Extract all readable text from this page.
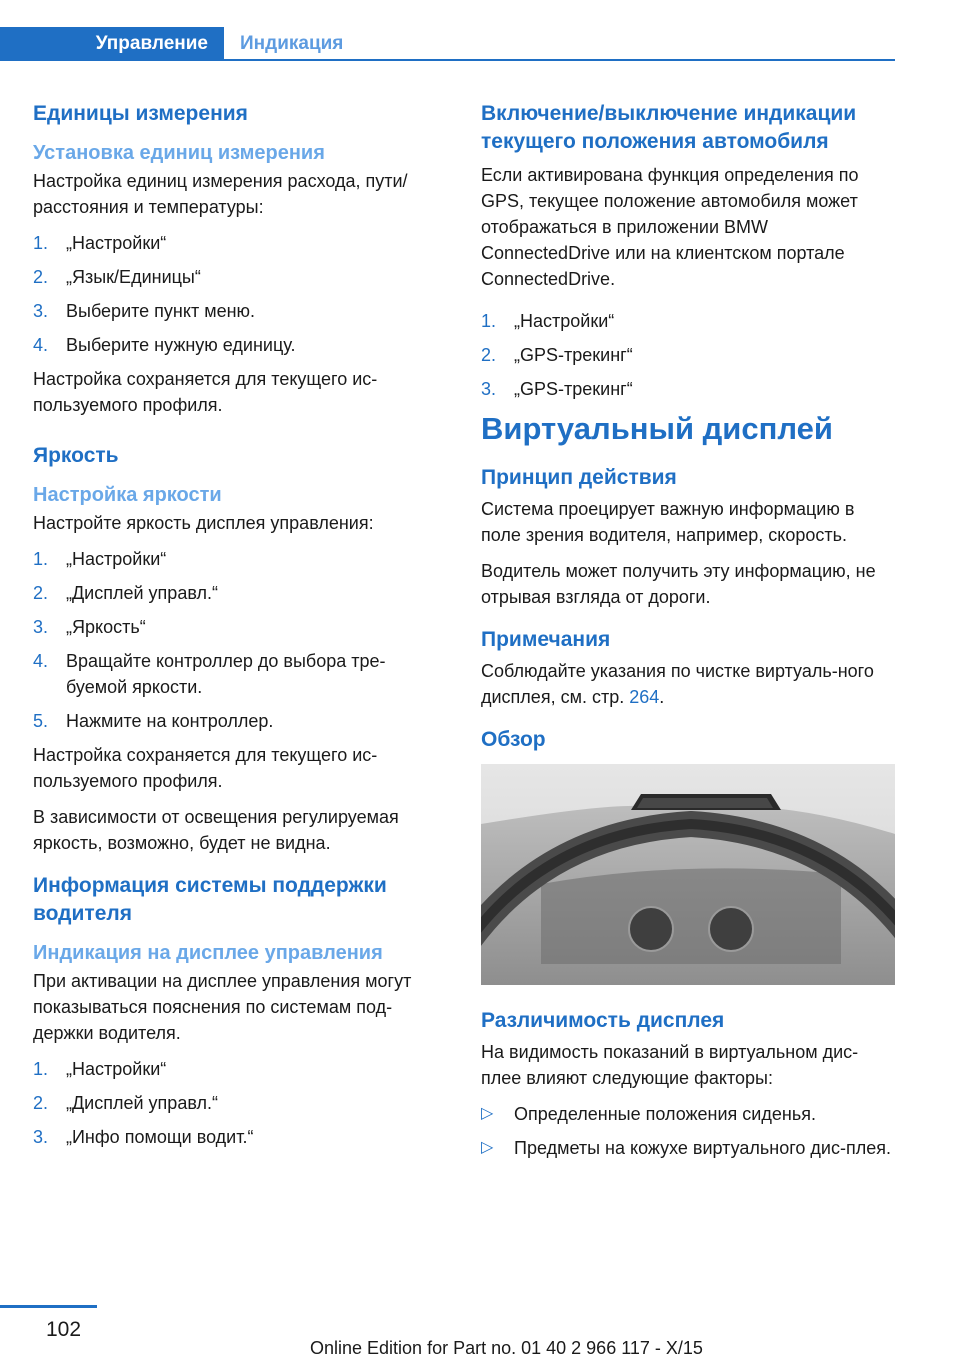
Управление	Индикация
Единицы измерения
Установка единиц измерения
Настройка единиц измерения расхода, пути/расстояния и температуры:
1. „Настройки“
2. „Язык/Единицы“
3. Выберите пункт меню.
4. Выберите нужную единицу.
Настройка сохраняется для текущего ис-пользуемого профиля.
Яркость
Настройка яркости
Настройте яркость дисплея управления:
1. „Настройки“
2. „Дисплей управл.“
3. „Яркость“
4. Вращайте контроллер до выбора тре-буемой яркости.
5. Нажмите на контроллер.
Настройка сохраняется для текущего ис-пользуемого профиля.
В зависимости от освещения регулируемая яркость, возможно, будет не видна.
Информация системы поддержки водителя
Индикация на дисплее управления
При активации на дисплее управления могут показываться пояснения по системам под-держки водителя.
1. „Настройки“
2. „Дисплей управл.“
3. „Инфо помощи водит.“
Включение/выключение индикации текущего положения автомобиля
Если активирована функция определения по GPS, текущее положение автомобиля может отображаться в приложении BMW ConnectedDrive или на клиентском портале ConnectedDrive.
1. „Настройки“
2. „GPS-трекинг“
3. „GPS-трекинг“
Виртуальный дисплей
Принцип действия
Система проецирует важную информацию в поле зрения водителя, например, скорость.
Водитель может получить эту информацию, не отрывая взгляда от дороги.
Примечания
Соблюдайте указания по чистке виртуаль-ного дисплея, см. стр. 264.
Обзор
Различимость дисплея
На видимость показаний в виртуальном дис-плее влияют следующие факторы:
▷ Определенные положения сиденья.
▷ Предметы на кожухе виртуального дис-плея.
102
Online Edition for Part no. 01 40 2 966 117 - X/15
